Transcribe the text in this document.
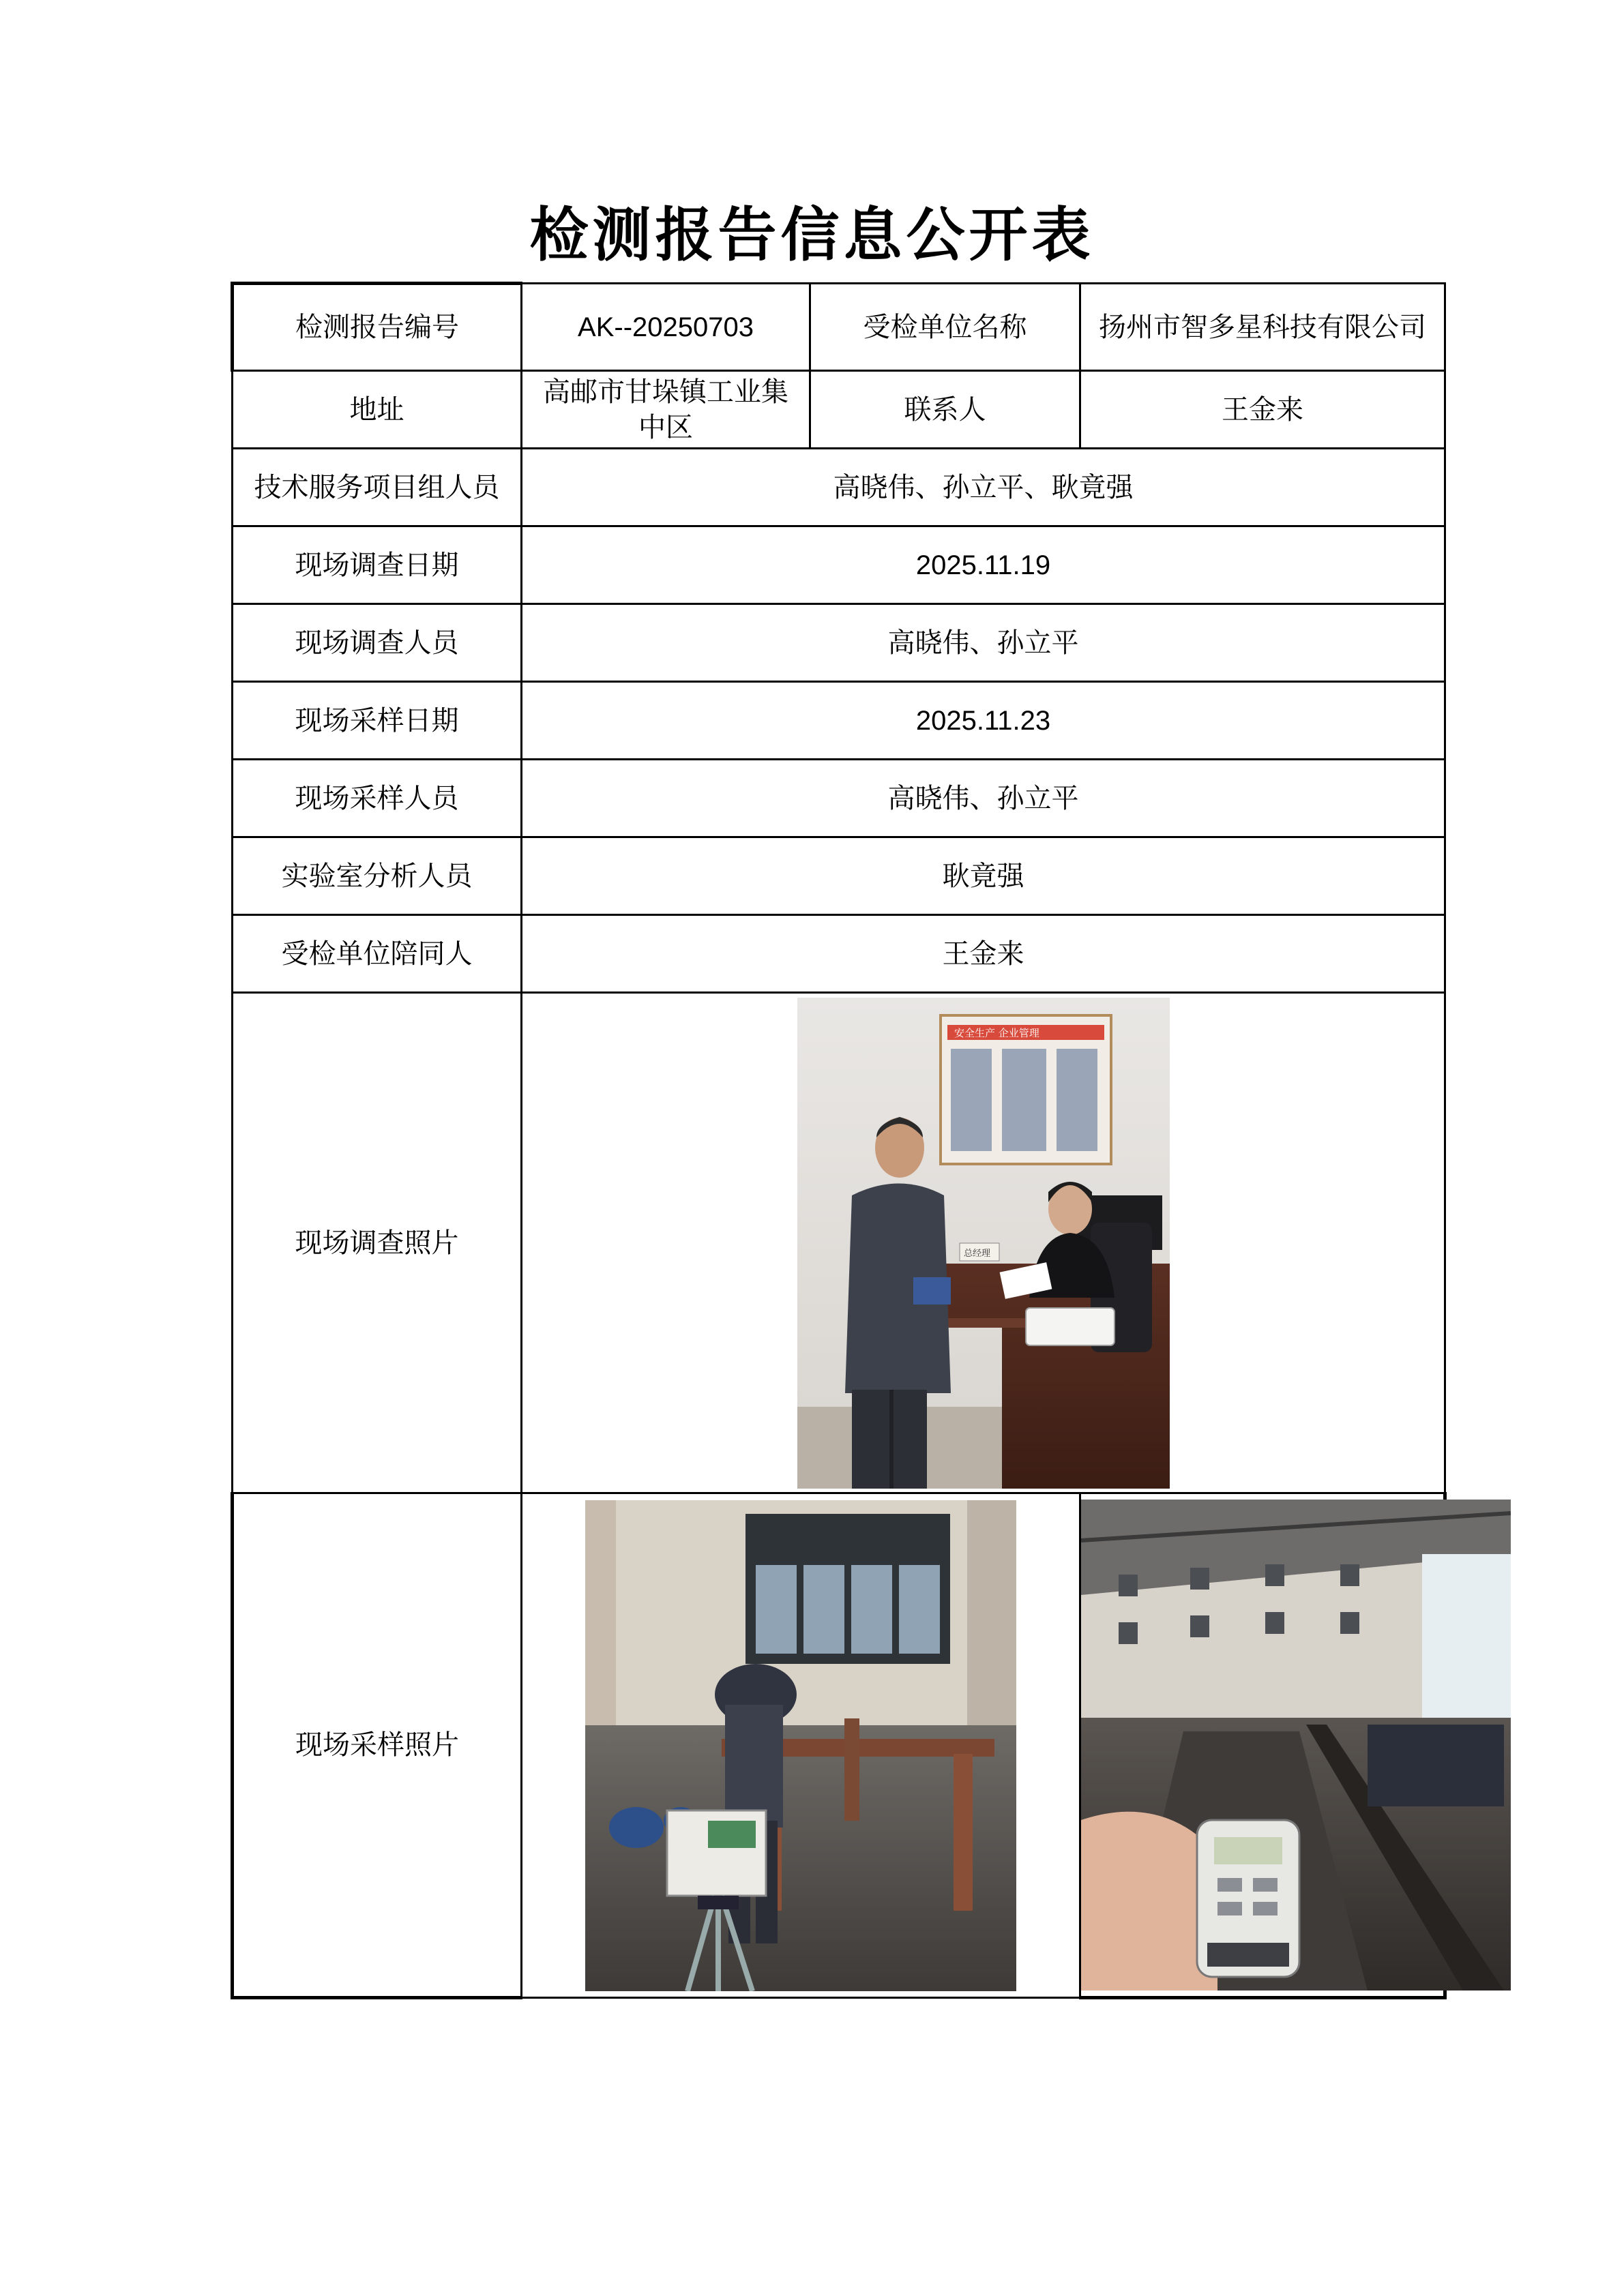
检测报告信息公开表
检测报告编号	AK--20250703	受检单位名称	扬州市智多星科技有限公司
地址	高邮市甘垛镇工业集中区	联系人	王金来
技术服务项目组人员	高晓伟、孙立平、耿竟强		
现场调查日期	2025.11.19		
现场调查人员	高晓伟、孙立平		
现场采样日期	2025.11.23		
现场采样人员	高晓伟、孙立平		
实验室分析人员	耿竟强		
受检单位陪同人	王金来		
现场调查照片	安全生产 企业管理
总经理		

现场采样照片	
